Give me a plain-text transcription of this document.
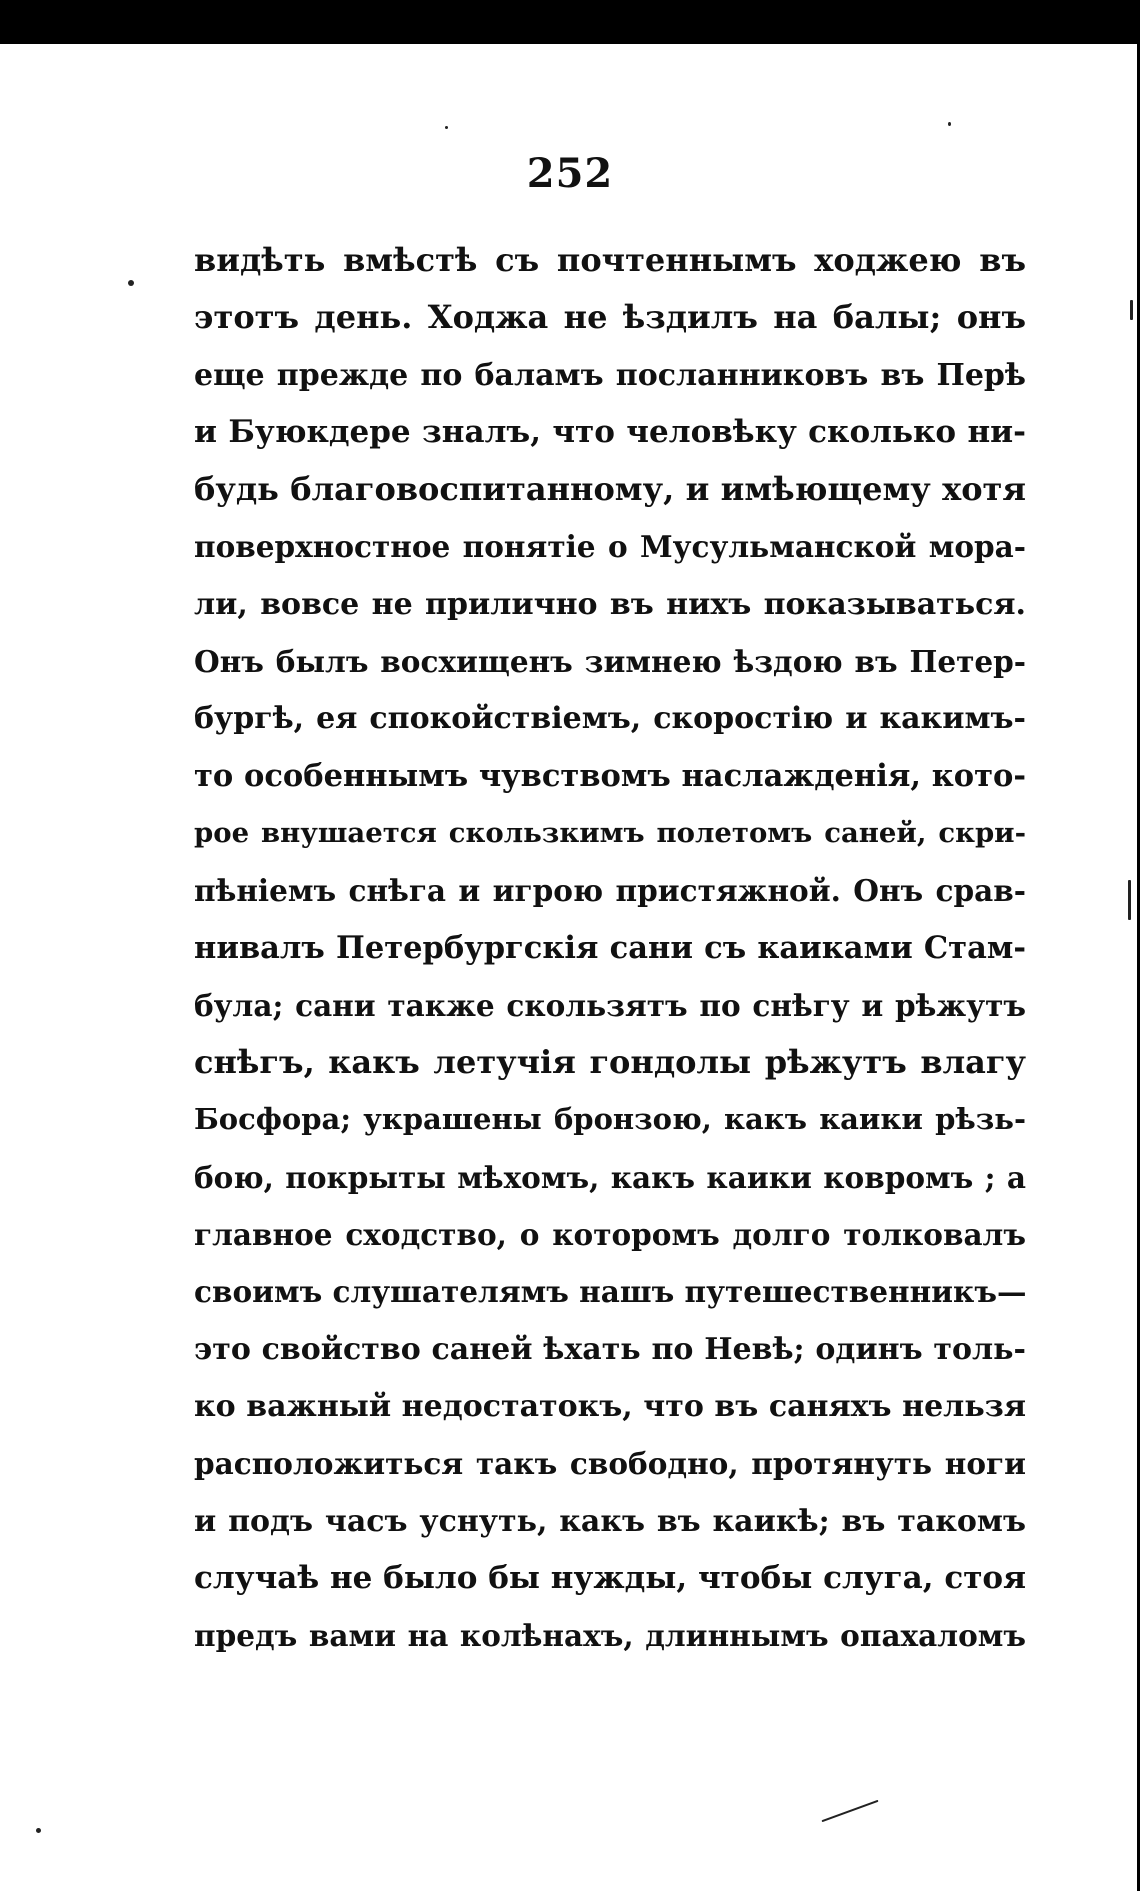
252
видѣть вмѣстѣ съ почтеннымъ ходжею въ
этотъ день. Ходжа не ѣздилъ на балы; онъ
еще прежде по баламъ посланниковъ въ Перѣ
и Буюкдере зналъ, что человѣку сколько ни-
будь благовоспитанному, и имѣющему хотя
поверхностное понятіе о Мусульманской мора-
ли, вовсе не прилично въ нихъ показываться.
Онъ былъ восхищенъ зимнею ѣздою въ Петер-
бургѣ, ея спокойствіемъ, скоростію и какимъ-
то особеннымъ чувствомъ наслажденія, кото-
рое внушается скользкимъ полетомъ саней, скри-
пѣніемъ снѣга и игрою пристяжной. Онъ срав-
нивалъ Петербургскія сани съ каиками Стам-
була; сани также скользятъ по снѣгу и рѣжутъ
снѣгъ, какъ летучія гондолы рѣжутъ влагу
Босфора; украшены бронзою, какъ каики рѣзь-
бою, покрыты мѣхомъ, какъ каики ковромъ ; а
главное сходство, о которомъ долго толковалъ
своимъ слушателямъ нашъ путешественникъ—
это свойство саней ѣхать по Невѣ; одинъ толь-
ко важный недостатокъ, что въ саняхъ нельзя
расположиться такъ свободно, протянуть ноги
и подъ часъ уснуть, какъ въ каикѣ; въ такомъ
случаѣ не было бы нужды, чтобы слуга, стоя
предъ вами на колѣнахъ, длиннымъ опахаломъ
